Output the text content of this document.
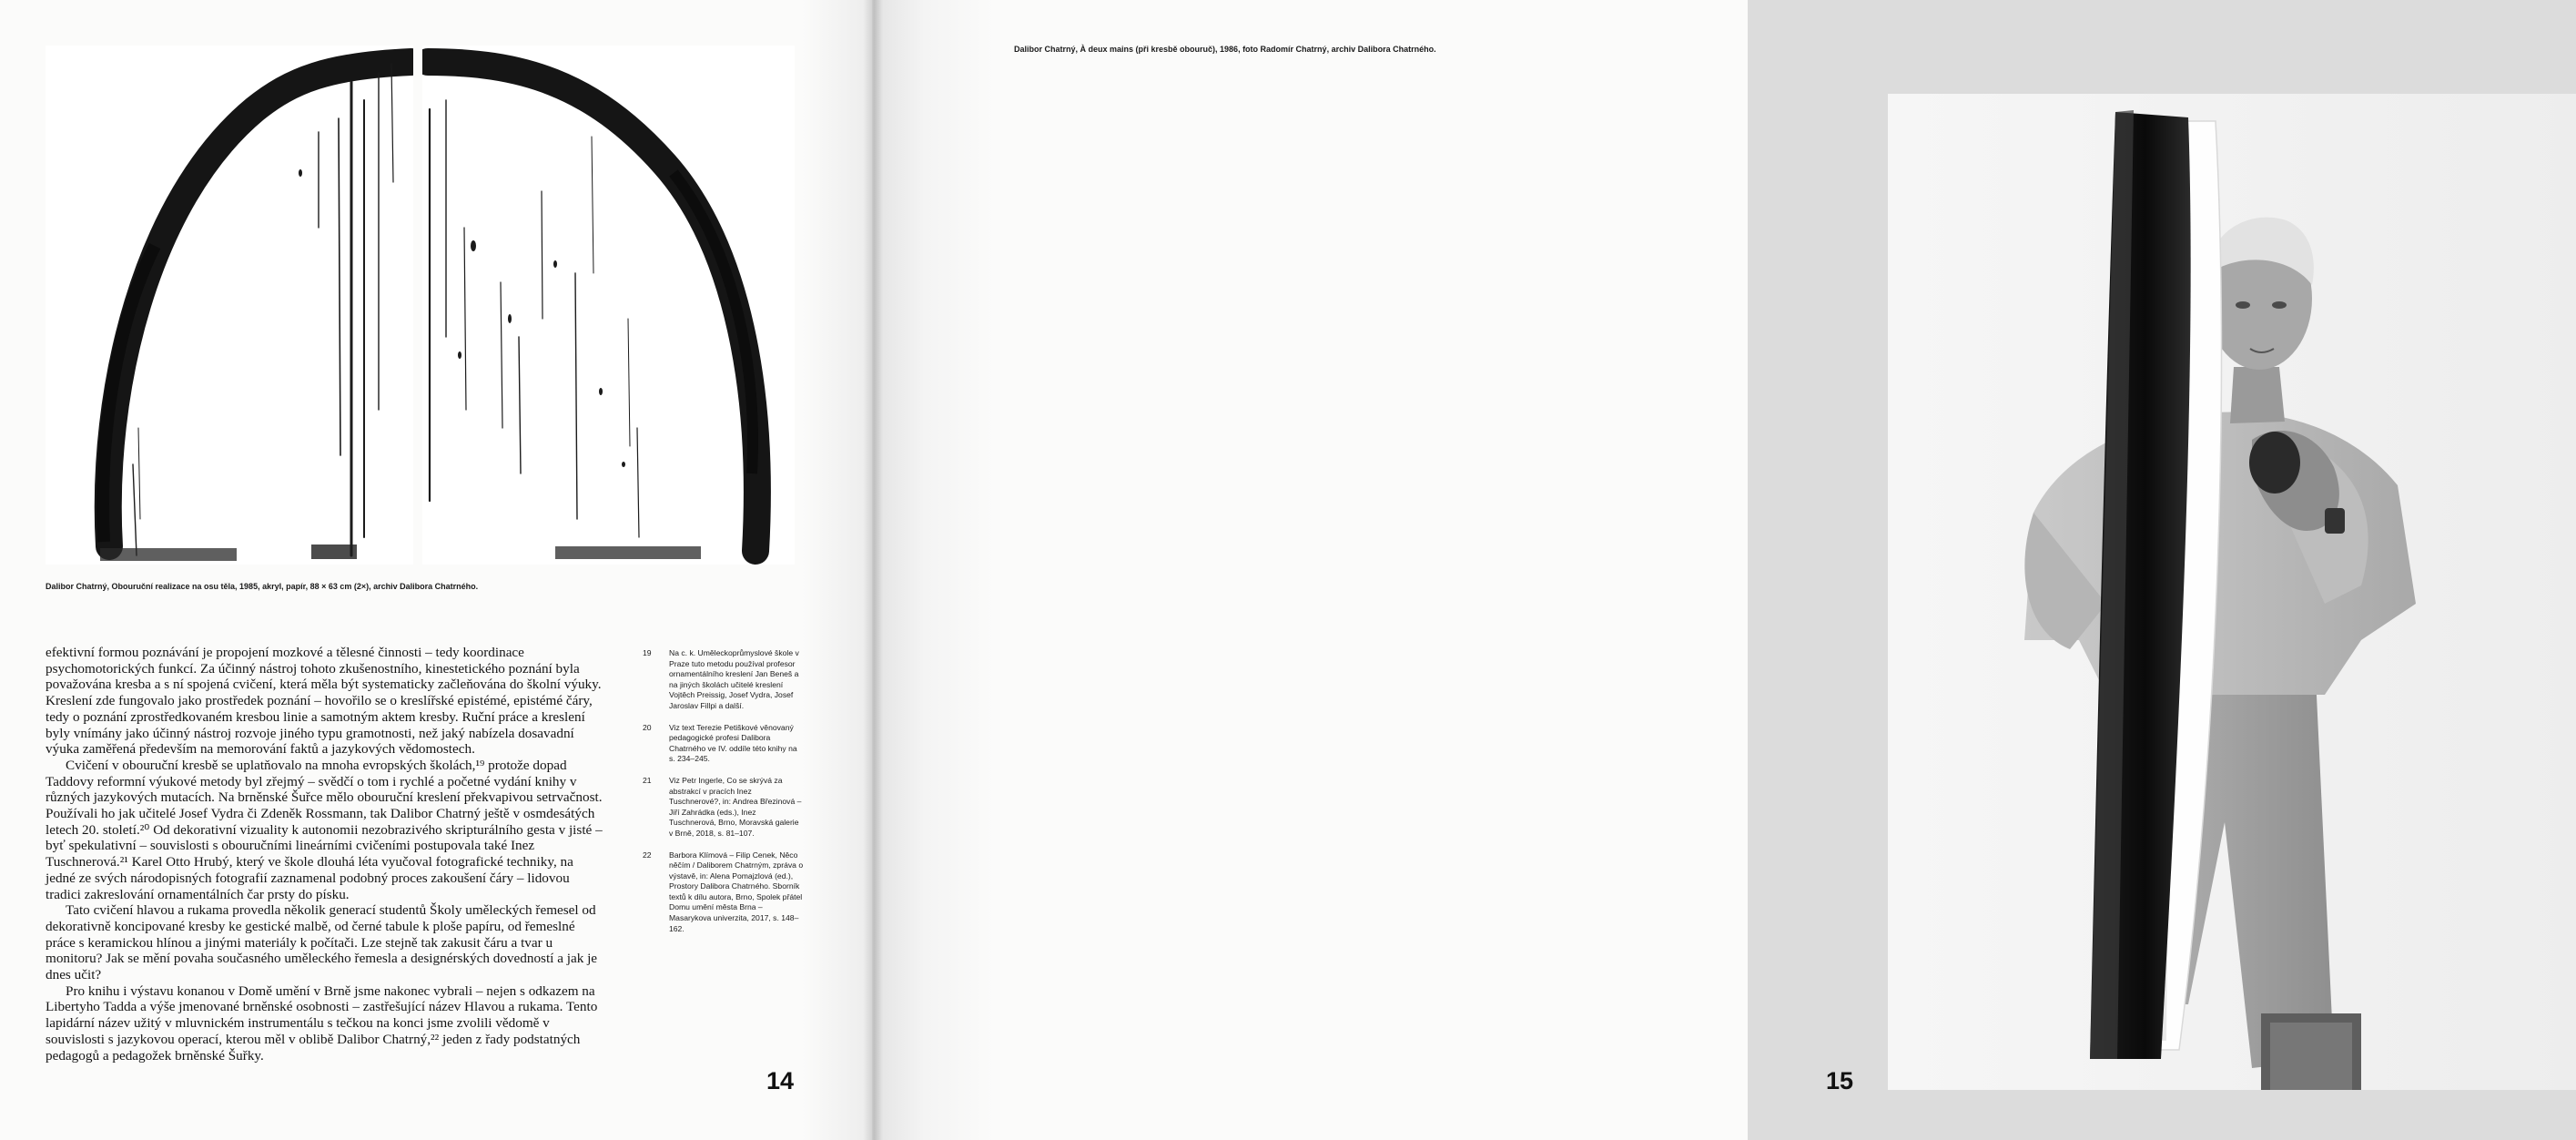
Dalibor Chatrný, Obouruční realizace na osu těla, 1985, akryl, papír, 88 × 63 cm (2×), archiv Dalibora Chatrného.

efektivní formou poznávání je propojení mozkové a tělesné činnosti – tedy koordinace psychomotorických funkcí. Za účinný nástroj tohoto zkušenostního, kinestetického poznání byla považována kresba a s ní spojená cvičení, která měla být systematicky začleňována do školní výuky. Kreslení zde fungovalo jako prostředek poznání – hovořilo se o kreslířské epistémé, epistémé čáry, tedy o poznání zprostředkovaném kresbou linie a samotným aktem kresby. Ruční práce a kreslení byly vnímány jako účinný nástroj rozvoje jiného typu gramotnosti, než jaký nabízela dosavadní výuka zaměřená především na memorování faktů a jazykových vědomostech.

Cvičení v obouruční kresbě se uplatňovalo na mnoha evropských školách,¹⁹ protože dopad Taddovy reformní výukové metody byl zřejmý – svědčí o tom i rychlé a početné vydání knihy v různých jazykových mutacích. Na brněnské Šuřce mělo obouruční kreslení překvapivou setrvačnost. Používali ho jak učitelé Josef Vydra či Zdeněk Rossmann, tak Dalibor Chatrný ještě v osmdesátých letech 20. století.²⁰ Od dekorativní vizuality k autonomii nezobrazivého skripturálního gesta v jisté – byť spekulativní – souvislosti s obouručními lineárními cvičeními postupovala také Inez Tuschnerová.²¹ Karel Otto Hrubý, který ve škole dlouhá léta vyučoval fotografické techniky, na jedné ze svých národopisných fotografií zaznamenal podobný proces zakoušení čáry – lidovou tradici zakreslování ornamentálních čar prsty do písku.

Tato cvičení hlavou a rukama provedla několik generací studentů Školy uměleckých řemesel od dekorativně koncipované kresby ke gestické malbě, od černé tabule k ploše papíru, od řemeslné práce s keramickou hlínou a jinými materiály k počítači. Lze stejně tak zakusit čáru a tvar u monitoru? Jak se mění povaha současného uměleckého řemesla a designérských dovedností a jak je dnes učit?

Pro knihu i výstavu konanou v Domě umění v Brně jsme nakonec vybrali – nejen s odkazem na Libertyho Tadda a výše jmenované brněnské osobnosti – zastřešující název Hlavou a rukama. Tento lapidární název užitý v mluvnickém instrumentálu s tečkou na konci jsme zvolili vědomě v souvislosti s jazykovou operací, kterou měl v oblibě Dalibor Chatrný,²² jeden z řady podstatných pedagogů a pedagožek brněnské Šuřky.

19	Na c. k. Uměleckoprůmyslové škole v Praze tuto metodu používal profesor ornamentálního kreslení Jan Beneš a na jiných školách učitelé kreslení Vojtěch Preissig, Josef Vydra, Josef Jaroslav Fillpi a další.
20	Viz text Terezie Petiškové věnovaný pedagogické profesi Dalibora Chatrného ve IV. oddíle této knihy na s. 234–245.
21	Viz Petr Ingerle, Co se skrývá za abstrakcí v pracích Inez Tuschnerové?, in: Andrea Březinová – Jiří Zahrádka (eds.), Inez Tuschnerová, Brno, Moravská galerie v Brně, 2018, s. 81–107.
22	Barbora Klímová – Filip Cenek, Něco něčím / Daliborem Chatrným, zpráva o výstavě, in: Alena Pomajzlová (ed.), Prostory Dalibora Chatrného. Sborník textů k dílu autora, Brno, Spolek přátel Domu umění města Brna – Masarykova univerzita, 2017, s. 148–162.
14
Dalibor Chatrný, À deux mains (při kresbě obouruč), 1986, foto Radomír Chatrný, archiv Dalibora Chatrného.
15
